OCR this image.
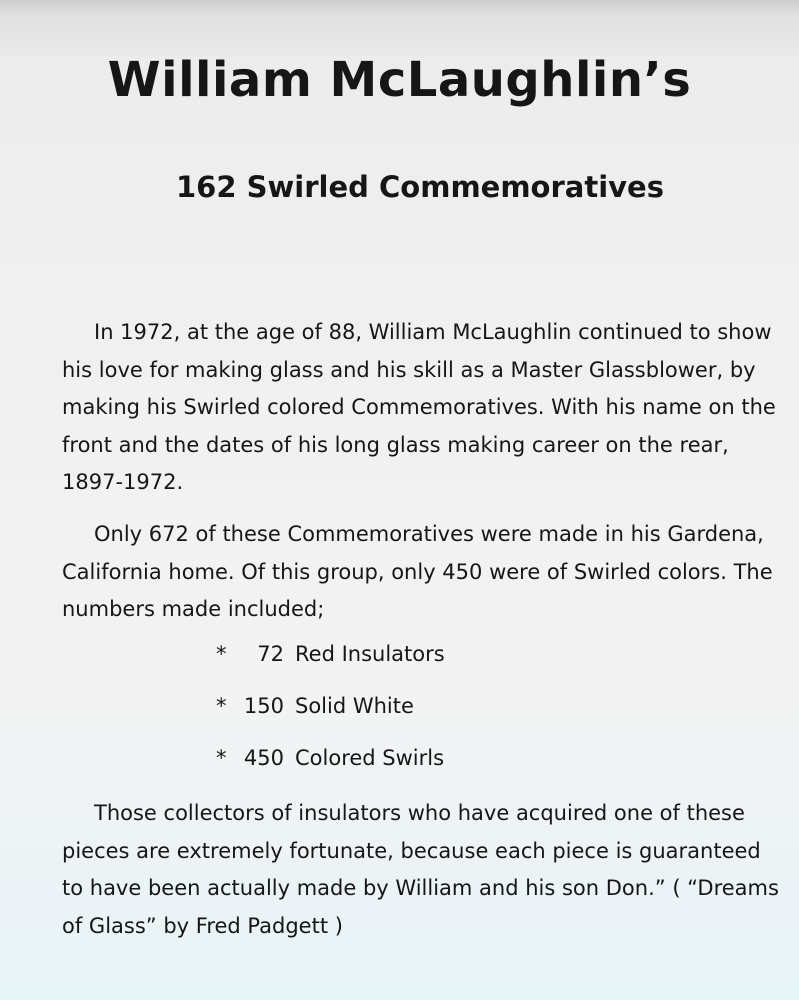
William McLaughlin’s
162 Swirled Commemoratives

In 1972, at the age of 88, William McLaughlin continued to show his love for making glass and his skill as a Master Glassblower, by making his Swirled colored Commemoratives. With his name on the front and the dates of his long glass making career on the rear, 1897-1972.

Only 672 of these Commemoratives were made in his Gardena, California home. Of this group, only 450 were of Swirled colors. The numbers made included;

*	72 Red Insulators
* 150 Solid White
* 450 Colored Swirls

Those collectors of insulators who have acquired one of these pieces are extremely fortunate, because each piece is guaranteed to have been actually made by William and his son Don.” ( “Dreams of Glass” by Fred Padgett )
